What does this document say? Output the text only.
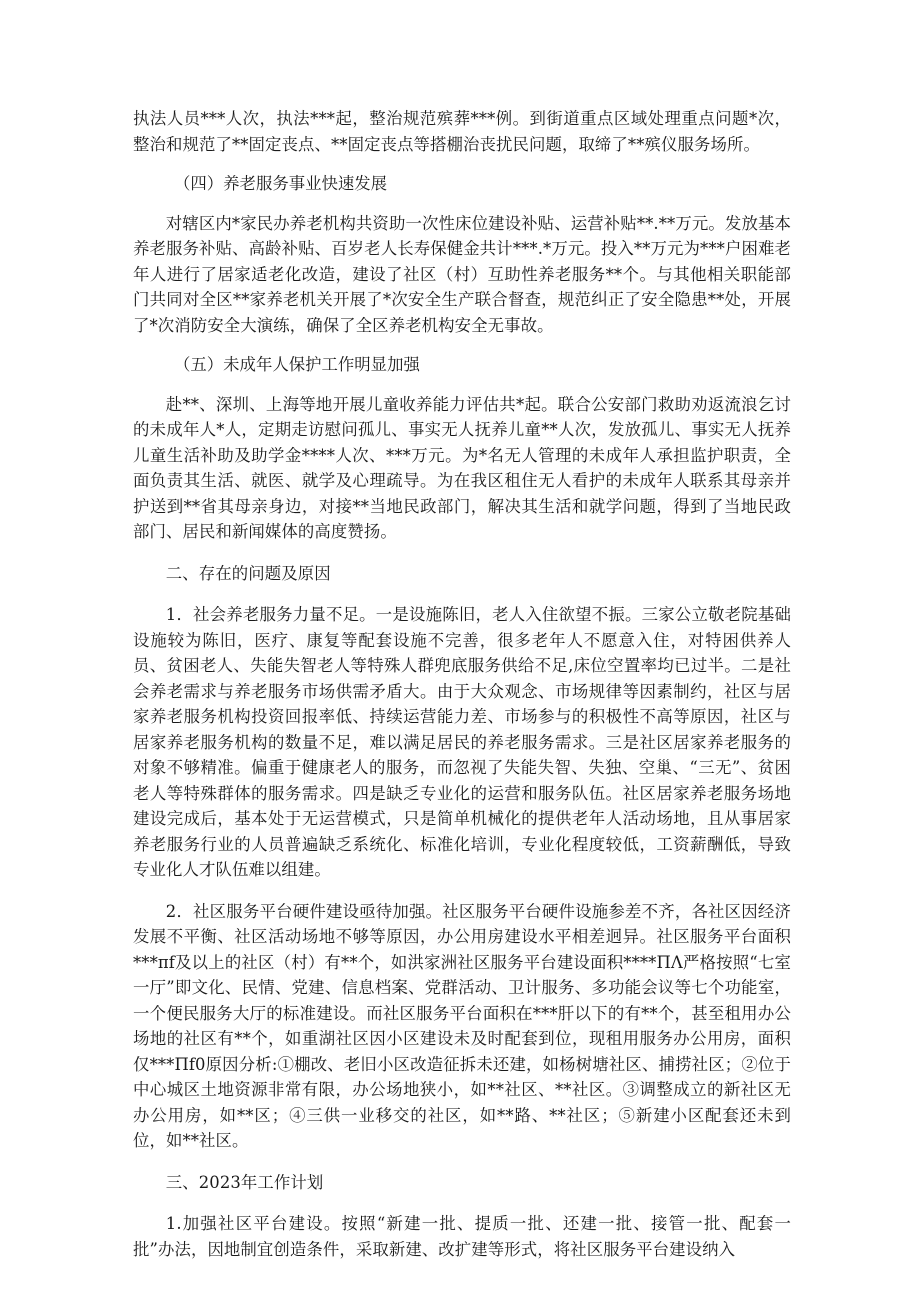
执法人员***人次，执法***起，整治规范殡葬***例。到街道重点区域处理重点问题*次，整治和规范了**固定丧点、**固定丧点等搭棚治丧扰民问题，取缔了**殡仪服务场所。

（四）养老服务事业快速发展

对辖区内*家民办养老机构共资助一次性床位建设补贴、运营补贴**.**万元。发放基本养老服务补贴、高龄补贴、百岁老人长寿保健金共计***.*万元。投入**万元为***户困难老年人进行了居家适老化改造，建设了社区（村）互助性养老服务**个。与其他相关职能部门共同对全区**家养老机关开展了*次安全生产联合督查，规范纠正了安全隐患**处，开展了*次消防安全大演练，确保了全区养老机构安全无事故。

（五）未成年人保护工作明显加强

赴**、深圳、上海等地开展儿童收养能力评估共*起。联合公安部门救助劝返流浪乞讨的未成年人*人，定期走访慰问孤儿、事实无人抚养儿童**人次，发放孤儿、事实无人抚养儿童生活补助及助学金****人次、***万元。为*名无人管理的未成年人承担监护职责，全面负责其生活、就医、就学及心理疏导。为在我区租住无人看护的未成年人联系其母亲并护送到**省其母亲身边，对接**当地民政部门，解决其生活和就学问题，得到了当地民政部门、居民和新闻媒体的高度赞扬。

二、存在的问题及原因

1．社会养老服务力量不足。一是设施陈旧，老人入住欲望不振。三家公立敬老院基础设施较为陈旧，医疗、康复等配套设施不完善，很多老年人不愿意入住，对特困供养人员、贫困老人、失能失智老人等特殊人群兜底服务供给不足,床位空置率均已过半。二是社会养老需求与养老服务市场供需矛盾大。由于大众观念、市场规律等因素制约，社区与居家养老服务机构投资回报率低、持续运营能力差、市场参与的积极性不高等原因，社区与居家养老服务机构的数量不足，难以满足居民的养老服务需求。三是社区居家养老服务的对象不够精准。偏重于健康老人的服务，而忽视了失能失智、失独、空巢、“三无”、贫困老人等特殊群体的服务需求。四是缺乏专业化的运营和服务队伍。社区居家养老服务场地建设完成后，基本处于无运营模式，只是简单机械化的提供老年人活动场地，且从事居家养老服务行业的人员普遍缺乏系统化、标准化培训，专业化程度较低，工资薪酬低，导致专业化人才队伍难以组建。

2．社区服务平台硬件建设亟待加强。社区服务平台硬件设施参差不齐，各社区因经济发展不平衡、社区活动场地不够等原因，办公用房建设水平相差迥异。社区服务平台面积***πf及以上的社区（村）有**个，如洪家洲社区服务平台建设面积****ΠΛ严格按照“七室一厅”即文化、民情、党建、信息档案、党群活动、卫计服务、多功能会议等七个功能室，一个便民服务大厅的标准建设。而社区服务平台面积在***肝以下的有**个，甚至租用办公场地的社区有**个，如重湖社区因小区建设未及时配套到位，现租用服务办公用房，面积仅***Πf0原因分析:①棚改、老旧小区改造征拆未还建，如杨树塘社区、捕捞社区；②位于中心城区土地资源非常有限，办公场地狭小，如**社区、**社区。③调整成立的新社区无办公用房，如**区；④三供一业移交的社区，如**路、**社区；⑤新建小区配套还未到位，如**社区。

三、2023年工作计划

1.加强社区平台建设。按照“新建一批、提质一批、还建一批、接管一批、配套一批”办法，因地制宜创造条件，采取新建、改扩建等形式，将社区服务平台建设纳入
